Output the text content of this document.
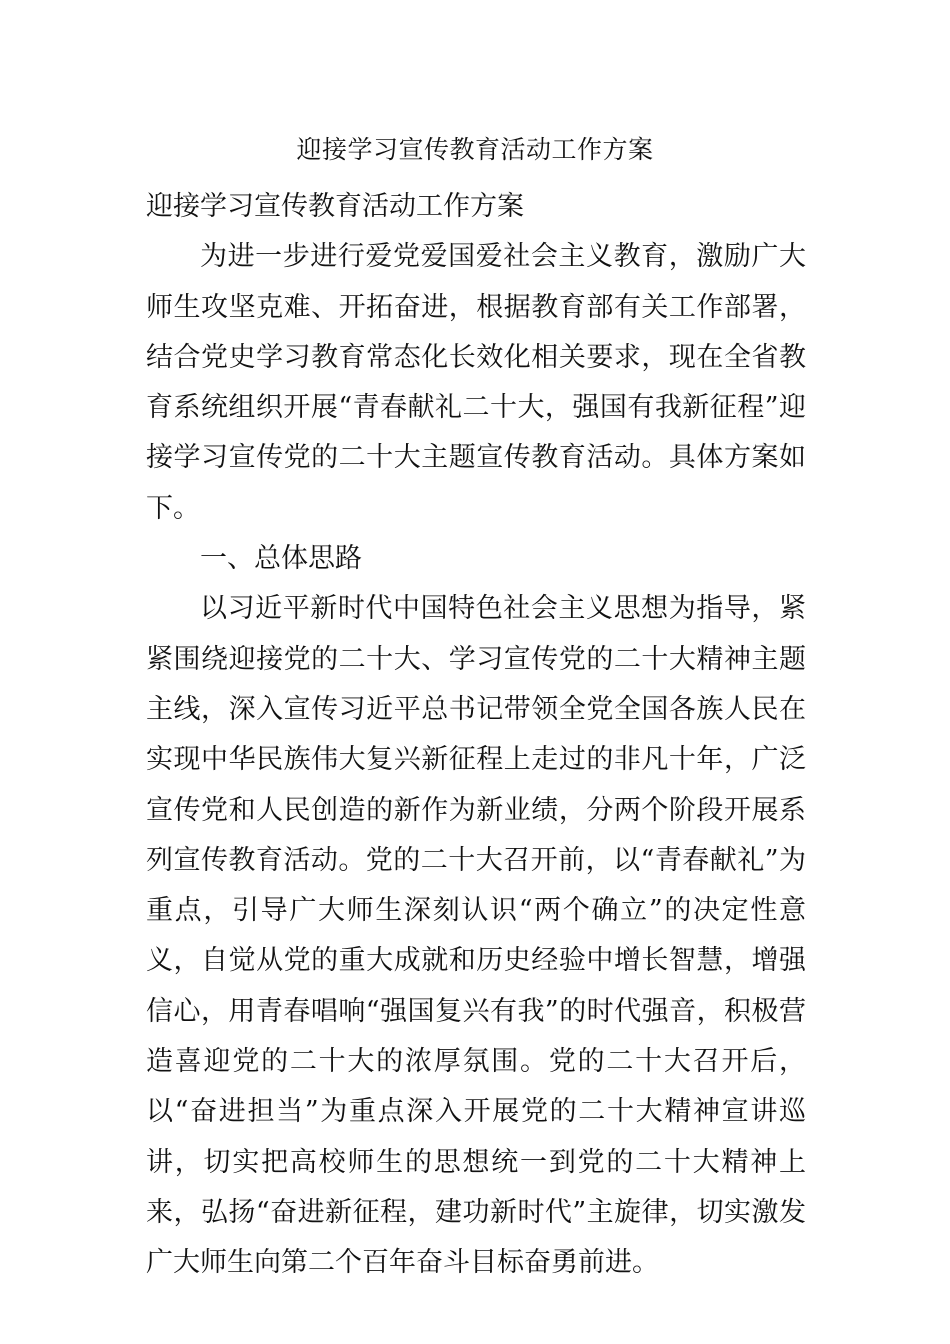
迎接学习宣传教育活动工作方案

迎接学习宣传教育活动工作方案

为进一步进行爱党爱国爱社会主义教育，激励广大师生攻坚克难、开拓奋进，根据教育部有关工作部署，结合党史学习教育常态化长效化相关要求，现在全省教育系统组织开展“青春献礼二十大，强国有我新征程”迎接学习宣传党的二十大主题宣传教育活动。具体方案如下。

一、总体思路

以习近平新时代中国特色社会主义思想为指导，紧紧围绕迎接党的二十大、学习宣传党的二十大精神主题主线，深入宣传习近平总书记带领全党全国各族人民在实现中华民族伟大复兴新征程上走过的非凡十年，广泛宣传党和人民创造的新作为新业绩，分两个阶段开展系列宣传教育活动。党的二十大召开前，以“青春献礼”为重点，引导广大师生深刻认识“两个确立”的决定性意义，自觉从党的重大成就和历史经验中增长智慧，增强信心，用青春唱响“强国复兴有我”的时代强音，积极营造喜迎党的二十大的浓厚氛围。党的二十大召开后，以“奋进担当”为重点深入开展党的二十大精神宣讲巡讲，切实把高校师生的思想统一到党的二十大精神上来，弘扬“奋进新征程，建功新时代”主旋律，切实激发广大师生向第二个百年奋斗目标奋勇前进。
